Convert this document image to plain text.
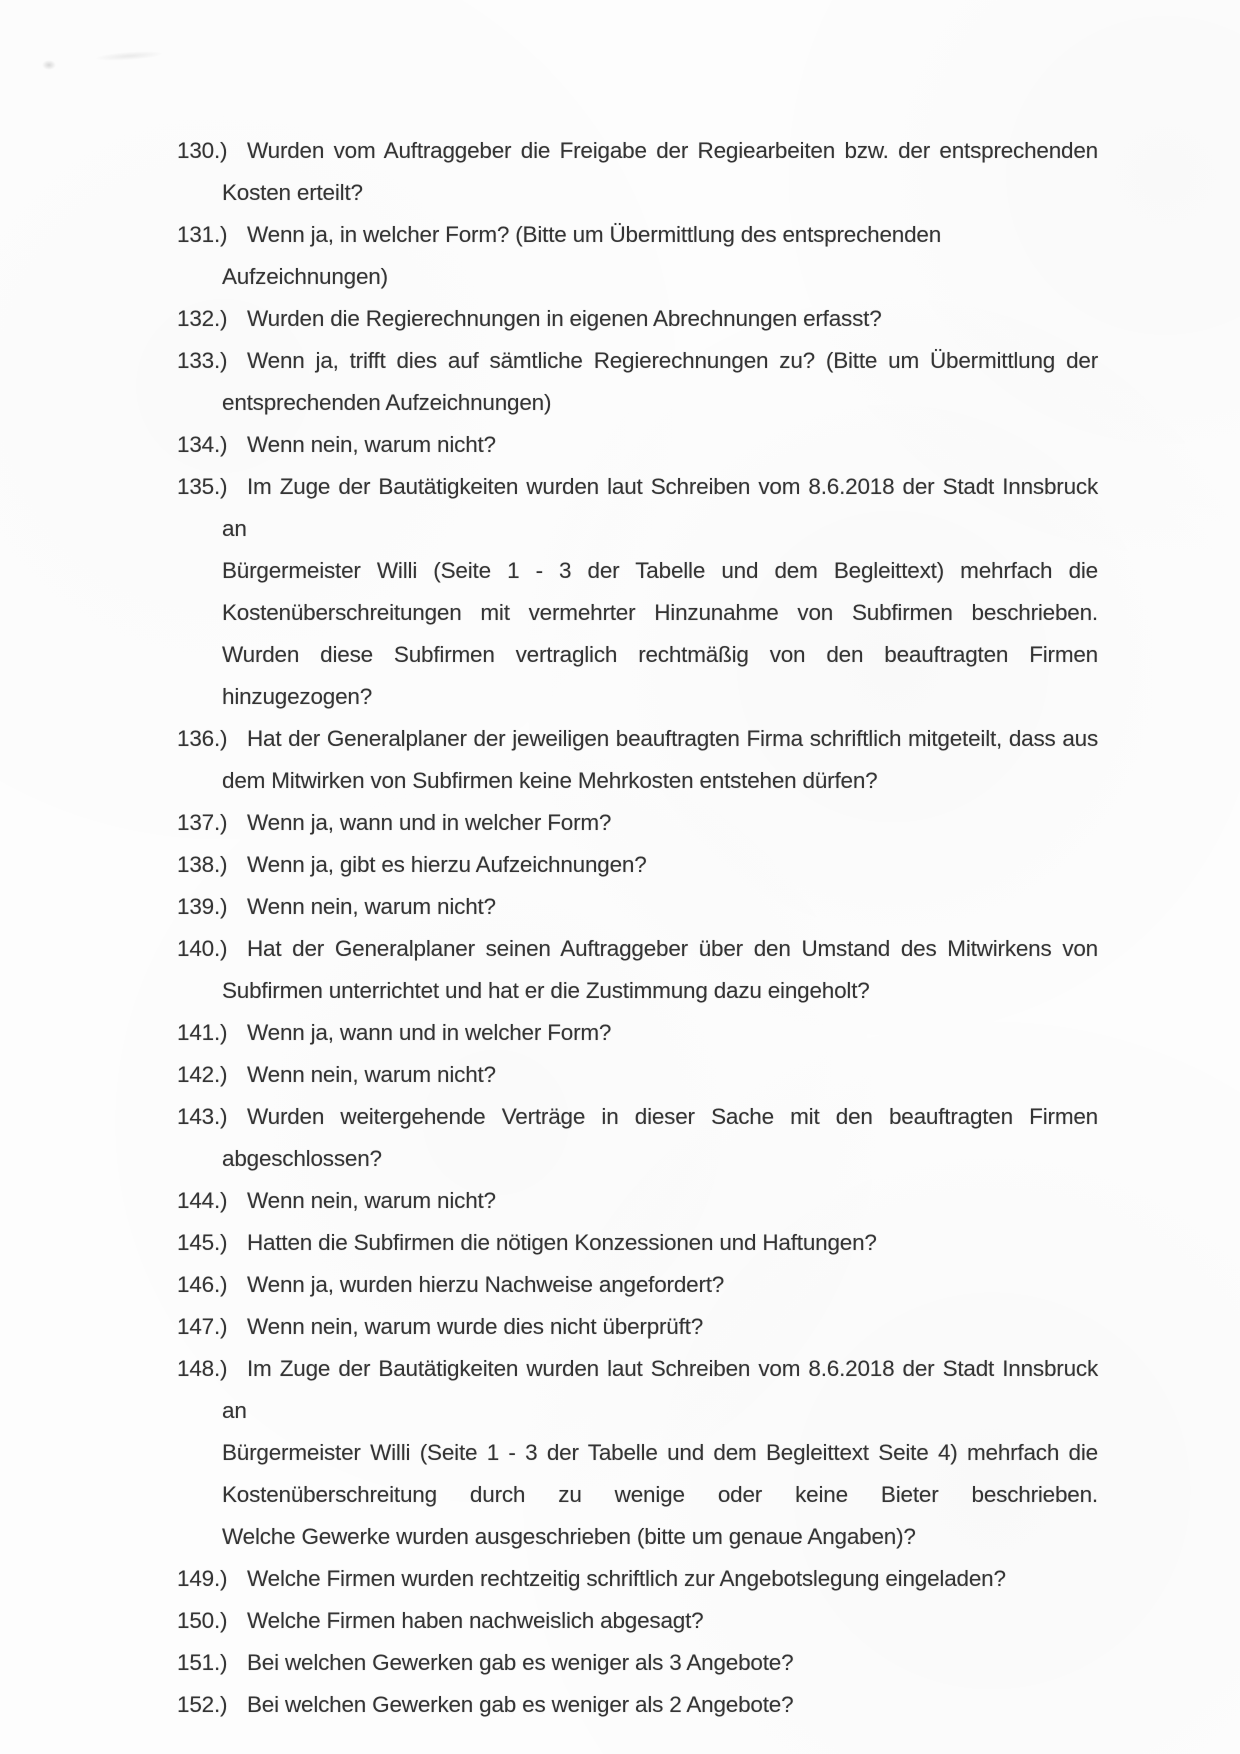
130.) Wurden vom Auftraggeber die Freigabe der Regiearbeiten bzw. der entsprechenden
Kosten erteilt?
131.) Wenn ja, in welcher Form? (Bitte um Übermittlung des entsprechenden Aufzeichnungen)
132.) Wurden die Regierechnungen in eigenen Abrechnungen erfasst?
133.) Wenn ja, trifft dies auf sämtliche Regierechnungen zu? (Bitte um Übermittlung der
entsprechenden Aufzeichnungen)
134.) Wenn nein, warum nicht?
135.) Im Zuge der Bautätigkeiten wurden laut Schreiben vom 8.6.2018 der Stadt Innsbruck an
Bürgermeister Willi (Seite 1 - 3 der Tabelle und dem Begleittext) mehrfach die
Kostenüberschreitungen mit vermehrter Hinzunahme von Subfirmen beschrieben.
Wurden diese Subfirmen vertraglich rechtmäßig von den beauftragten Firmen
hinzugezogen?
136.) Hat der Generalplaner der jeweiligen beauftragten Firma schriftlich mitgeteilt, dass aus
dem Mitwirken von Subfirmen keine Mehrkosten entstehen dürfen?
137.) Wenn ja, wann und in welcher Form?
138.) Wenn ja, gibt es hierzu Aufzeichnungen?
139.) Wenn nein, warum nicht?
140.) Hat der Generalplaner seinen Auftraggeber über den Umstand des Mitwirkens von
Subfirmen unterrichtet und hat er die Zustimmung dazu eingeholt?
141.) Wenn ja, wann und in welcher Form?
142.) Wenn nein, warum nicht?
143.) Wurden weitergehende Verträge in dieser Sache mit den beauftragten Firmen
abgeschlossen?
144.) Wenn nein, warum nicht?
145.) Hatten die Subfirmen die nötigen Konzessionen und Haftungen?
146.) Wenn ja, wurden hierzu Nachweise angefordert?
147.) Wenn nein, warum wurde dies nicht überprüft?
148.) Im Zuge der Bautätigkeiten wurden laut Schreiben vom 8.6.2018 der Stadt Innsbruck an
Bürgermeister Willi (Seite 1 - 3 der Tabelle und dem Begleittext Seite 4) mehrfach die
Kostenüberschreitung durch zu wenige oder keine Bieter beschrieben.
Welche Gewerke wurden ausgeschrieben (bitte um genaue Angaben)?
149.) Welche Firmen wurden rechtzeitig schriftlich zur Angebotslegung eingeladen?
150.) Welche Firmen haben nachweislich abgesagt?
151.) Bei welchen Gewerken gab es weniger als 3 Angebote?
152.) Bei welchen Gewerken gab es weniger als 2 Angebote?
